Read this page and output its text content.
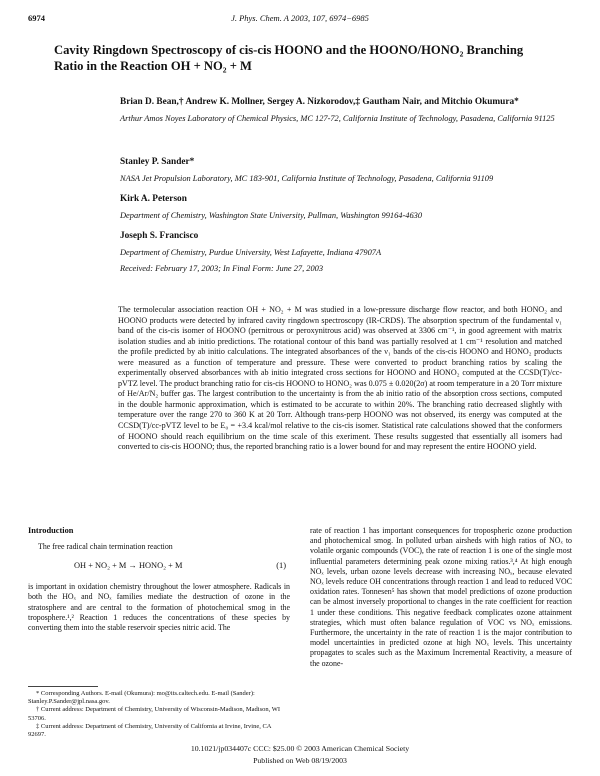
6974	J. Phys. Chem. A 2003, 107, 6974−6985
Cavity Ringdown Spectroscopy of cis-cis HOONO and the HOONO/HONO₂ Branching Ratio in the Reaction OH + NO₂ + M
Brian D. Bean,† Andrew K. Mollner, Sergey A. Nizkorodov,‡ Gautham Nair, and Mitchio Okumura*
Arthur Amos Noyes Laboratory of Chemical Physics, MC 127-72, California Institute of Technology, Pasadena, California 91125
Stanley P. Sander*
NASA Jet Propulsion Laboratory, MC 183-901, California Institute of Technology, Pasadena, California 91109
Kirk A. Peterson
Department of Chemistry, Washington State University, Pullman, Washington 99164-4630
Joseph S. Francisco
Department of Chemistry, Purdue University, West Lafayette, Indiana 47907A
Received: February 17, 2003; In Final Form: June 27, 2003
The termolecular association reaction OH + NO₂ + M was studied in a low-pressure discharge flow reactor, and both HONO₂ and HOONO products were detected by infrared cavity ringdown spectroscopy (IR-CRDS). The absorption spectrum of the fundamental ν₁ band of the cis-cis isomer of HOONO (pernitrous or peroxynitrous acid) was observed at 3306 cm⁻¹, in good agreement with matrix isolation studies and ab initio predictions. The rotational contour of this band was partially resolved at 1 cm⁻¹ resolution and matched the profile predicted by ab initio calculations. The integrated absorbances of the ν₁ bands of the cis-cis HOONO and HONO₂ products were measured as a function of temperature and pressure. These were converted to product branching ratios by scaling the experimentally observed absorbances with ab initio integrated cross sections for HOONO and HONO₂ computed at the CCSD(T)/cc-pVTZ level. The product branching ratio for cis-cis HOONO to HONO₂ was 0.075 ± 0.020(2σ) at room temperature in a 20 Torr mixture of He/Ar/N₂ buffer gas. The largest contribution to the uncertainty is from the ab initio ratio of the absorption cross sections, computed in the double harmonic approximation, which is estimated to be accurate to within 20%. The branching ratio decreased slightly with temperature over the range 270 to 360 K at 20 Torr. Although trans-perp HOONO was not observed, its energy was computed at the CCSD(T)/cc-pVTZ level to be E₀ = +3.4 kcal/mol relative to the cis-cis isomer. Statistical rate calculations showed that the conformers of HOONO should reach equilibrium on the time scale of this exeriment. These results suggested that essentially all isomers had converted to cis-cis HOONO; thus, the reported branching ratio is a lower bound for and may represent the entire HOONO yield.
Introduction
The free radical chain termination reaction
OH + NO₂ + M → HONO₂ + M	(1)
is important in oxidation chemistry throughout the lower atmosphere. Radicals in both the HOₓ and NOₓ families mediate the destruction of ozone in the stratosphere and are central to the formation of photochemical smog in the troposphere.¹,² Reaction 1 reduces the concentrations of these species by converting them into the stable reservoir species nitric acid. The
* Corresponding Authors. E-mail (Okumura): mo@its.caltech.edu. E-mail (Sander): Stanley.P.Sander@jpl.nasa.gov.
† Current address: Department of Chemistry, University of Wisconsin-Madison, Madison, WI 53706.
‡ Current address: Department of Chemistry, University of California at Irvine, Irvine, CA 92697.
rate of reaction 1 has important consequences for tropospheric ozone production and photochemical smog. In polluted urban airsheds with high ratios of NOₓ to volatile organic compounds (VOC), the rate of reaction 1 is one of the single most influential parameters determining peak ozone mixing ratios.³,⁴ At high enough NOₓ levels, urban ozone levels decrease with increasing NOₓ, because elevated NOₓ levels reduce OH concentrations through reaction 1 and lead to reduced VOC oxidation rates. Tonnesen⁵ has shown that model predictions of ozone production can be almost inversely proportional to changes in the rate coefficient for reaction 1 under these conditions. This negative feedback complicates ozone attainment strategies, which must often balance regulation of VOC vs NOₓ emissions. Furthermore, the uncertainty in the rate of reaction 1 is the major contribution to model uncertainties in predicted ozone at high NOₓ levels. This uncertainty propagates to scales such as the Maximum Incremental Reactivity, a measure of the ozone-
10.1021/jp034407c CCC: $25.00 © 2003 American Chemical Society
Published on Web 08/19/2003
